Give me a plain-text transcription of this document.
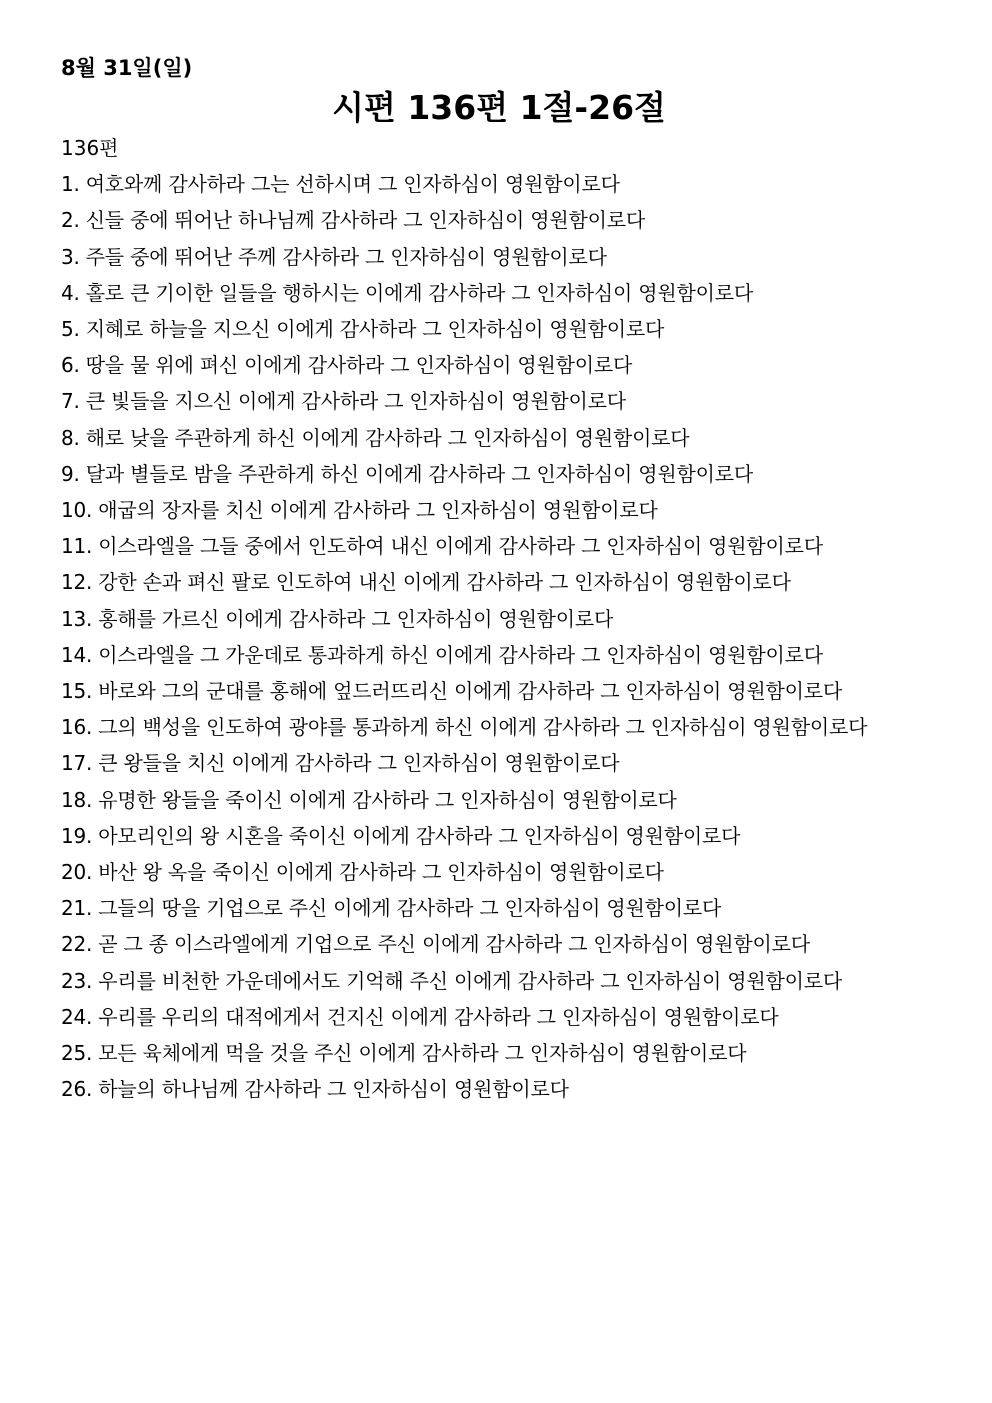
8월 31일(일)
시편 136편 1절-26절
136편
1. 여호와께 감사하라 그는 선하시며 그 인자하심이 영원함이로다
2. 신들 중에 뛰어난 하나님께 감사하라 그 인자하심이 영원함이로다
3. 주들 중에 뛰어난 주께 감사하라 그 인자하심이 영원함이로다
4. 홀로 큰 기이한 일들을 행하시는 이에게 감사하라 그 인자하심이 영원함이로다
5. 지혜로 하늘을 지으신 이에게 감사하라 그 인자하심이 영원함이로다
6. 땅을 물 위에 펴신 이에게 감사하라 그 인자하심이 영원함이로다
7. 큰 빛들을 지으신 이에게 감사하라 그 인자하심이 영원함이로다
8. 해로 낮을 주관하게 하신 이에게 감사하라 그 인자하심이 영원함이로다
9. 달과 별들로 밤을 주관하게 하신 이에게 감사하라 그 인자하심이 영원함이로다
10. 애굽의 장자를 치신 이에게 감사하라 그 인자하심이 영원함이로다
11. 이스라엘을 그들 중에서 인도하여 내신 이에게 감사하라 그 인자하심이 영원함이로다
12. 강한 손과 펴신 팔로 인도하여 내신 이에게 감사하라 그 인자하심이 영원함이로다
13. 홍해를 가르신 이에게 감사하라 그 인자하심이 영원함이로다
14. 이스라엘을 그 가운데로 통과하게 하신 이에게 감사하라 그 인자하심이 영원함이로다
15. 바로와 그의 군대를 홍해에 엎드러뜨리신 이에게 감사하라 그 인자하심이 영원함이로다
16. 그의 백성을 인도하여 광야를 통과하게 하신 이에게 감사하라 그 인자하심이 영원함이로다
17. 큰 왕들을 치신 이에게 감사하라 그 인자하심이 영원함이로다
18. 유명한 왕들을 죽이신 이에게 감사하라 그 인자하심이 영원함이로다
19. 아모리인의 왕 시혼을 죽이신 이에게 감사하라 그 인자하심이 영원함이로다
20. 바산 왕 옥을 죽이신 이에게 감사하라 그 인자하심이 영원함이로다
21. 그들의 땅을 기업으로 주신 이에게 감사하라 그 인자하심이 영원함이로다
22. 곧 그 종 이스라엘에게 기업으로 주신 이에게 감사하라 그 인자하심이 영원함이로다
23. 우리를 비천한 가운데에서도 기억해 주신 이에게 감사하라 그 인자하심이 영원함이로다
24. 우리를 우리의 대적에게서 건지신 이에게 감사하라 그 인자하심이 영원함이로다
25. 모든 육체에게 먹을 것을 주신 이에게 감사하라 그 인자하심이 영원함이로다
26. 하늘의 하나님께 감사하라 그 인자하심이 영원함이로다
